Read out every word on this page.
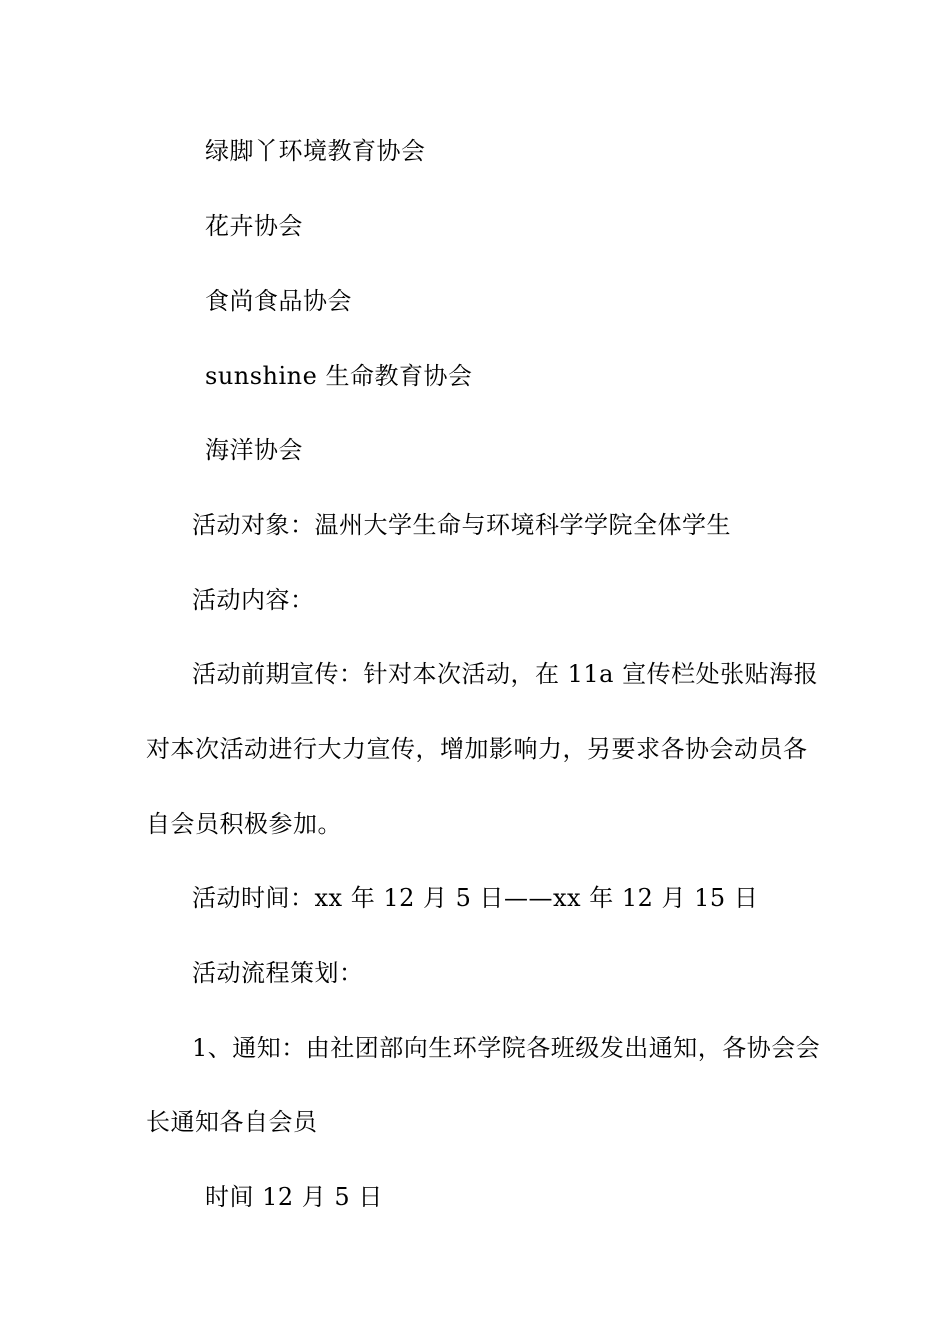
绿脚丫环境教育协会
花卉协会
食尚食品协会
sunshine 生命教育协会
海洋协会
活动对象：温州大学生命与环境科学学院全体学生
活动内容：
活动前期宣传：针对本次活动，在 11a 宣传栏处张贴海报
对本次活动进行大力宣传，增加影响力，另要求各协会动员各
自会员积极参加。
活动时间：xx 年 12 月 5 日——xx 年 12 月 15 日
活动流程策划：
1、通知：由社团部向生环学院各班级发出通知，各协会会
长通知各自会员
时间 12 月 5 日
